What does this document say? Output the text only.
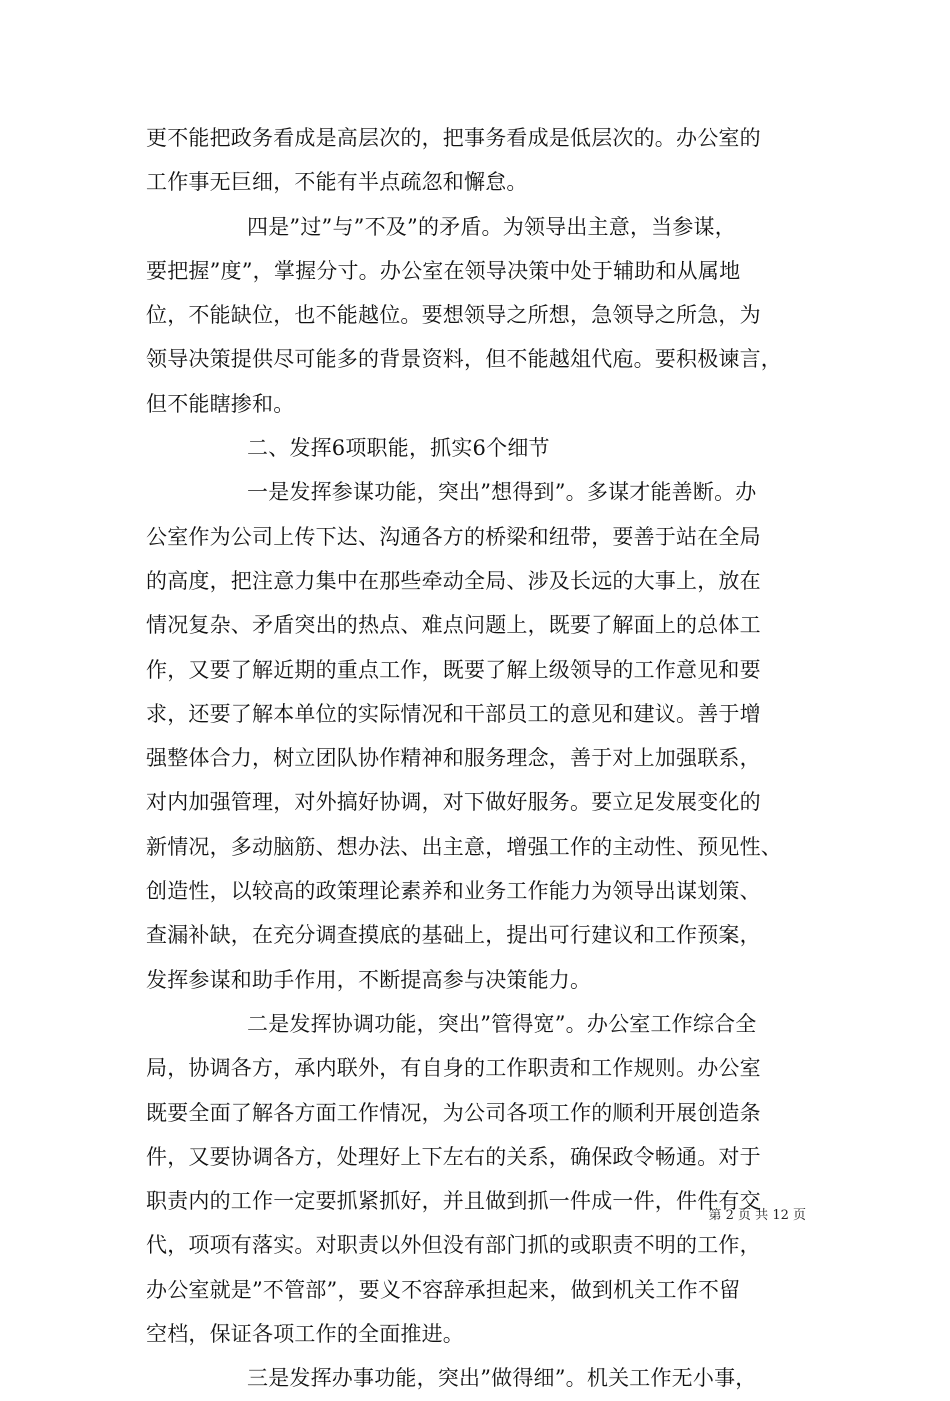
更不能把政务看成是高层次的，把事务看成是低层次的。办公室的
工作事无巨细，不能有半点疏忽和懈怠。
四是”过”与”不及”的矛盾。为领导出主意，当参谋，
要把握”度”，掌握分寸。办公室在领导决策中处于辅助和从属地
位，不能缺位，也不能越位。要想领导之所想，急领导之所急，为
领导决策提供尽可能多的背景资料，但不能越俎代庖。要积极谏言，
但不能瞎掺和。
二、发挥6项职能，抓实6个细节
一是发挥参谋功能，突出”想得到”。多谋才能善断。办
公室作为公司上传下达、沟通各方的桥梁和纽带，要善于站在全局
的高度，把注意力集中在那些牵动全局、涉及长远的大事上，放在
情况复杂、矛盾突出的热点、难点问题上，既要了解面上的总体工
作，又要了解近期的重点工作，既要了解上级领导的工作意见和要
求，还要了解本单位的实际情况和干部员工的意见和建议。善于增
强整体合力，树立团队协作精神和服务理念，善于对上加强联系，
对内加强管理，对外搞好协调，对下做好服务。要立足发展变化的
新情况，多动脑筋、想办法、出主意，增强工作的主动性、预见性、
创造性，以较高的政策理论素养和业务工作能力为领导出谋划策、
查漏补缺，在充分调查摸底的基础上，提出可行建议和工作预案，
发挥参谋和助手作用，不断提高参与决策能力。
二是发挥协调功能，突出”管得宽”。办公室工作综合全
局，协调各方，承内联外，有自身的工作职责和工作规则。办公室
既要全面了解各方面工作情况，为公司各项工作的顺利开展创造条
件，又要协调各方，处理好上下左右的关系，确保政令畅通。对于
职责内的工作一定要抓紧抓好，并且做到抓一件成一件，件件有交
代，项项有落实。对职责以外但没有部门抓的或职责不明的工作，
办公室就是”不管部”，要义不容辞承担起来，做到机关工作不留
空档，保证各项工作的全面推进。
三是发挥办事功能，突出”做得细”。机关工作无小事，
第 2 页 共 12 页
